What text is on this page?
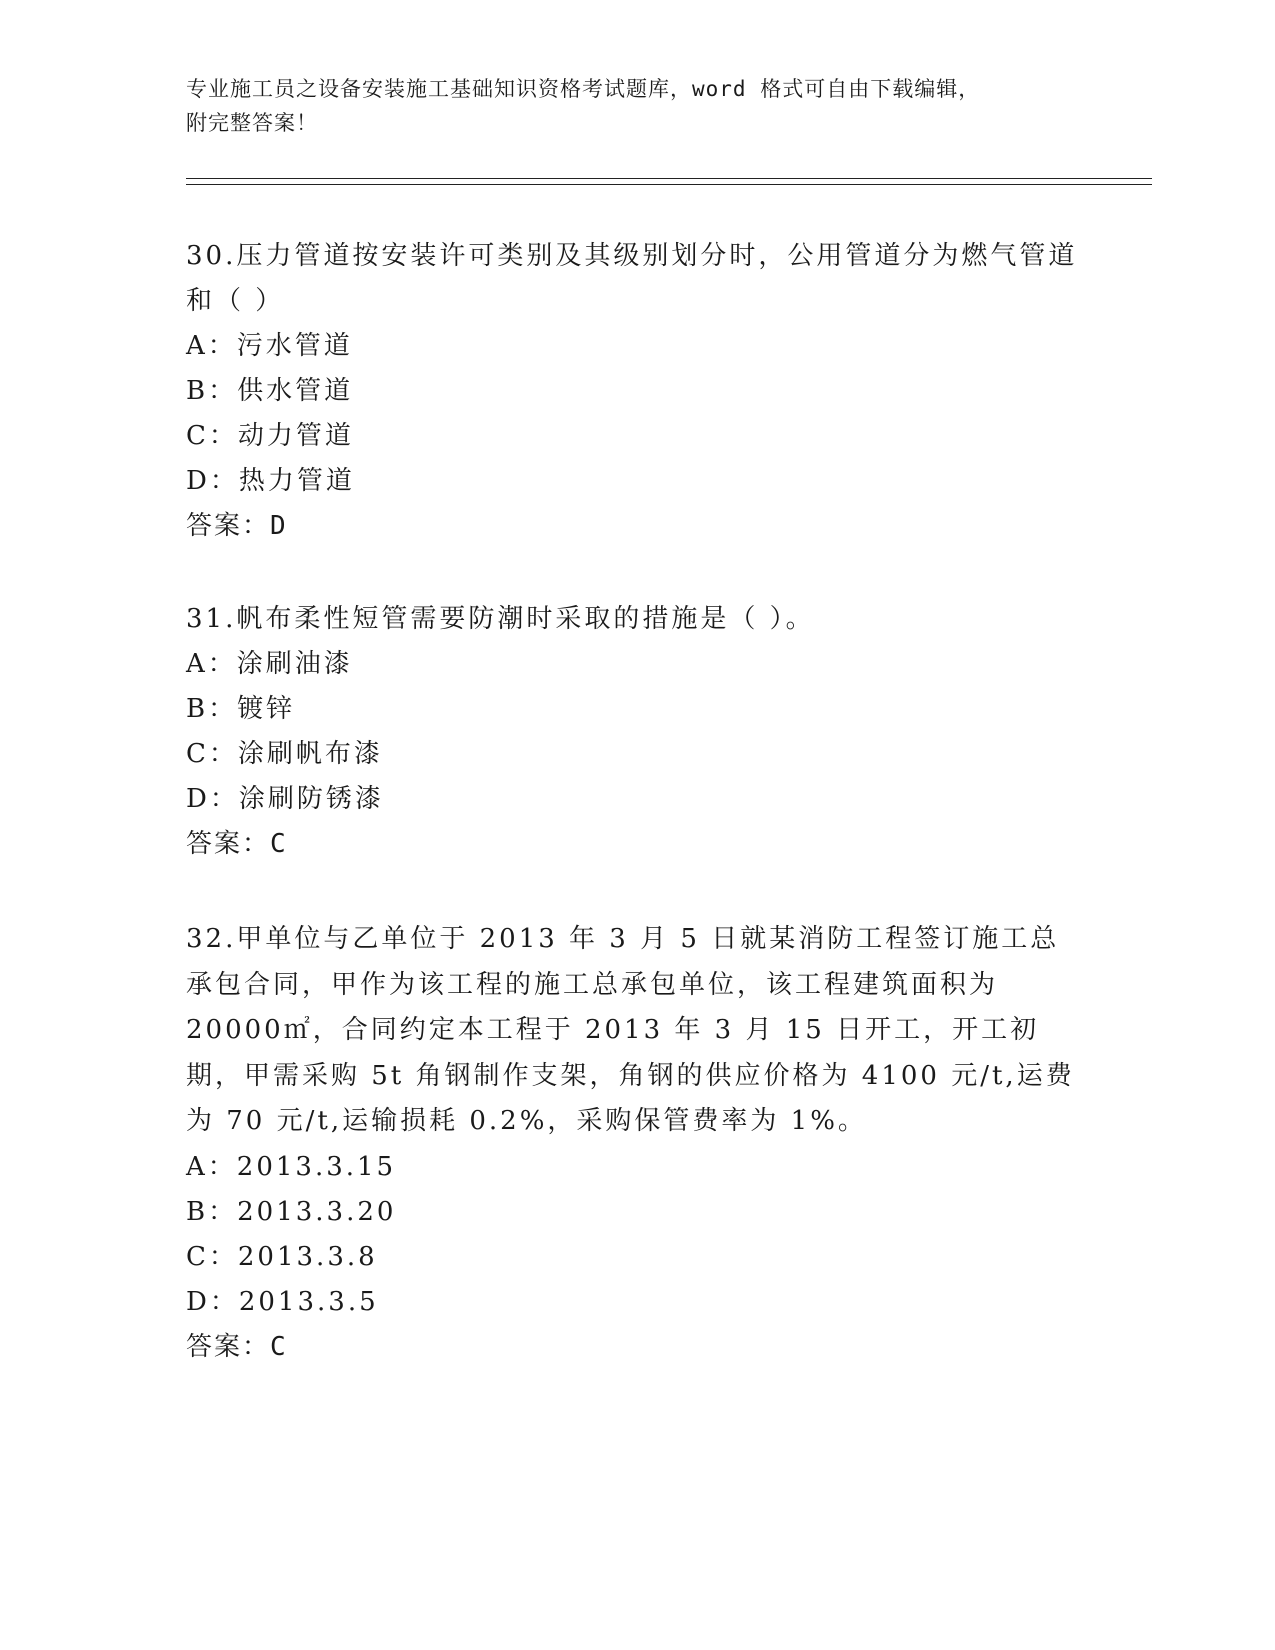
专业施工员之设备安装施工基础知识资格考试题库，word 格式可自由下载编辑，
附完整答案！
30.压力管道按安装许可类别及其级别划分时，公用管道分为燃气管道和（ ）
A：污水管道
B：供水管道
C：动力管道
D：热力管道
答案：D
31.帆布柔性短管需要防潮时采取的措施是（ ）。
A：涂刷油漆
B：镀锌
C：涂刷帆布漆
D：涂刷防锈漆
答案：C
32.甲单位与乙单位于 2013 年 3 月 5 日就某消防工程签订施工总承包合同，甲作为该工程的施工总承包单位，该工程建筑面积为 20000㎡，合同约定本工程于 2013 年 3 月 15 日开工，开工初期，甲需采购 5t 角钢制作支架，角钢的供应价格为 4100 元/t,运费为 70 元/t,运输损耗 0.2%，采购保管费率为 1%。
A：2013.3.15
B：2013.3.20
C：2013.3.8
D：2013.3.5
答案：C
